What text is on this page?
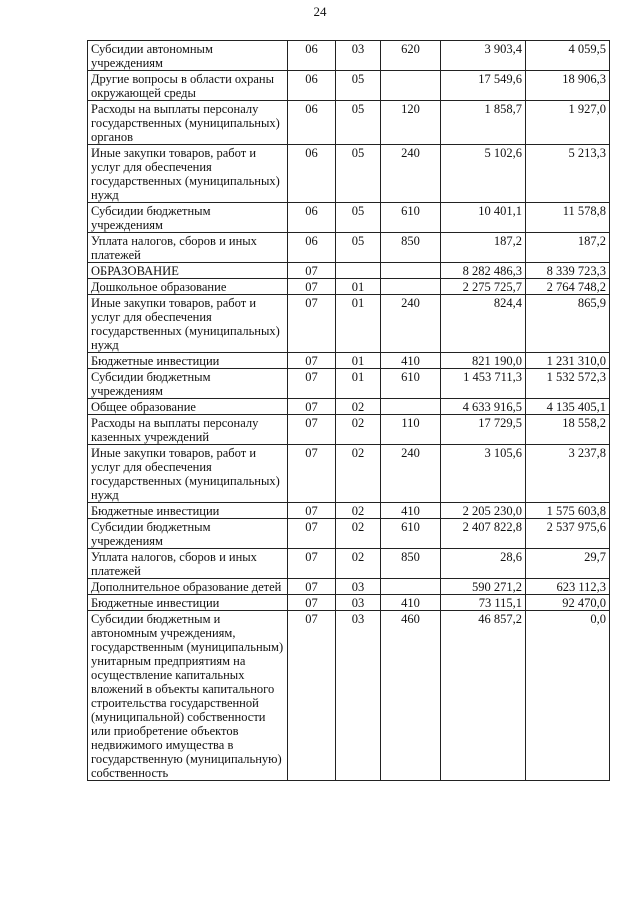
24
Субсидии автономным учреждениям	06	03	620	3 903,4	4 059,5
Другие вопросы в области охраны окружающей среды	06	05		17 549,6	18 906,3
Расходы на выплаты персоналу государственных (муниципальных) органов	06	05	120	1 858,7	1 927,0
Иные закупки товаров, работ и услуг для обеспечения государственных (муниципальных) нужд	06	05	240	5 102,6	5 213,3
Субсидии бюджетным учреждениям	06	05	610	10 401,1	11 578,8
Уплата налогов, сборов и иных платежей	06	05	850	187,2	187,2
ОБРАЗОВАНИЕ	07			8 282 486,3	8 339 723,3
Дошкольное образование	07	01		2 275 725,7	2 764 748,2
Иные закупки товаров, работ и услуг для обеспечения государственных (муниципальных) нужд	07	01	240	824,4	865,9
Бюджетные инвестиции	07	01	410	821 190,0	1 231 310,0
Субсидии бюджетным учреждениям	07	01	610	1 453 711,3	1 532 572,3
Общее образование	07	02		4 633 916,5	4 135 405,1
Расходы на выплаты персоналу казенных учреждений	07	02	110	17 729,5	18 558,2
Иные закупки товаров, работ и услуг для обеспечения государственных (муниципальных) нужд	07	02	240	3 105,6	3 237,8
Бюджетные инвестиции	07	02	410	2 205 230,0	1 575 603,8
Субсидии бюджетным учреждениям	07	02	610	2 407 822,8	2 537 975,6
Уплата налогов, сборов и иных платежей	07	02	850	28,6	29,7
Дополнительное образование детей	07	03		590 271,2	623 112,3
Бюджетные инвестиции	07	03	410	73 115,1	92 470,0
Субсидии бюджетным и автономным учреждениям, государственным (муниципальным) унитарным предприятиям на осуществление капитальных вложений в объекты капитального строительства государственной (муниципальной) собственности или приобретение объектов недвижимого имущества в государственную (муниципальную) собственность	07	03	460	46 857,2	0,0
